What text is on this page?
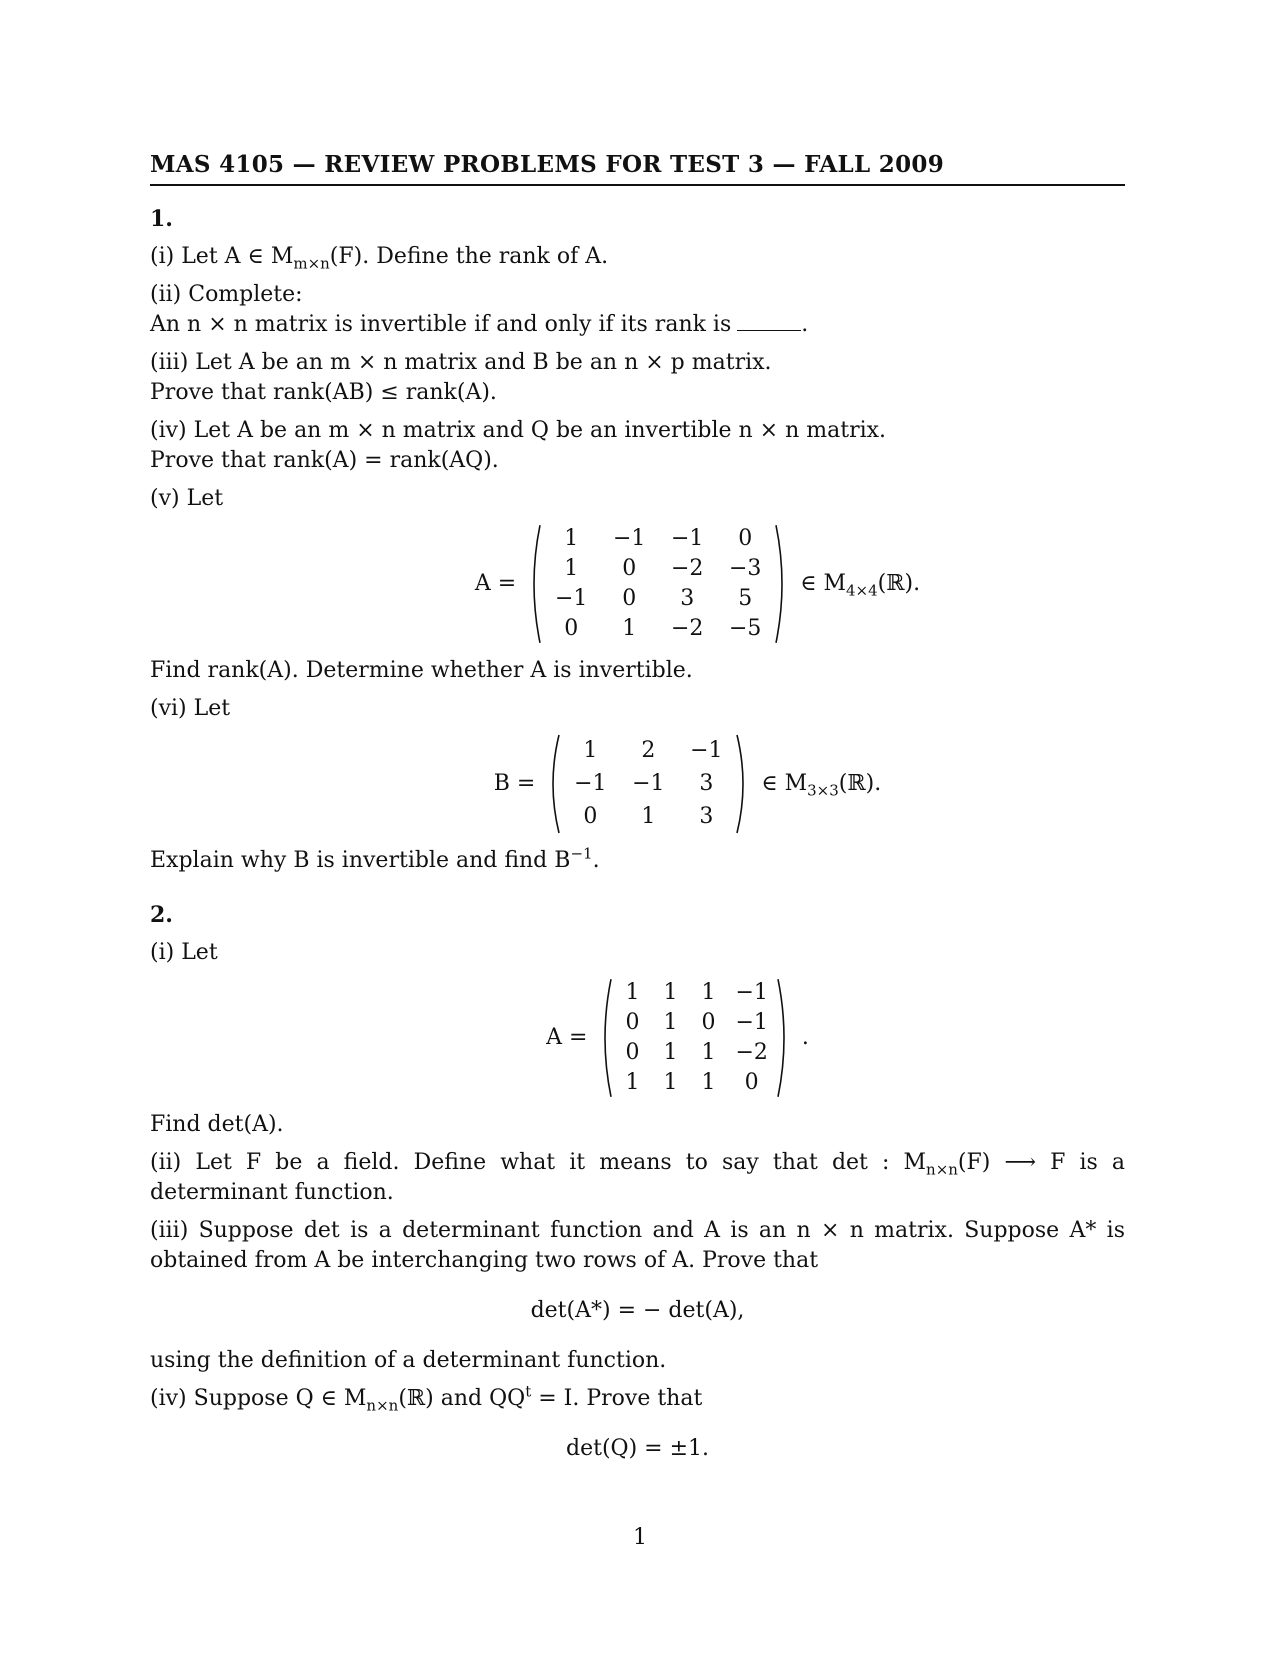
MAS 4105 — REVIEW PROBLEMS FOR TEST 3 — FALL 2009
1.
(i) Let A ∈ $M_{m\times n}(F)$. Define the rank of A.
(ii) Complete:
An n × n matrix is invertible if and only if its rank is	.
(iii) Let A be an m × n matrix and B be an n × p matrix.
Prove that rank(AB) ≤ rank(A).
(iv) Let A be an m × n matrix and Q be an invertible n × n matrix.
Prove that rank(A) = rank(AQ).
(v) Let
A =
1	−1	−1	0
1	0	−2	−3
−1	0	3	5
0	1	−2	−5
∈ $M_{4\times 4}(ℝ)$.
Find rank(A). Determine whether A is invertible.
(vi) Let
B =
1	2	−1
−1	−1	3
0	1	3
∈ $M_{3\times 3}(ℝ)$.
Explain why B is invertible and find $B^{-1}$.
2.
(i) Let
A =
1	1	1	−1
0	1	0	−1
0	1	1	−2
1	1	1	0
.
Find det(A).
(ii) Let F be a field. Define what it means to say that det : $M_{n\times n}(F)$ ⟶ F is a determinant function.
(iii) Suppose det is a determinant function and A is an n × n matrix. Suppose A* is obtained from A be interchanging two rows of A. Prove that
det(A*) = − det(A),
using the definition of a determinant function.
(iv) Suppose Q ∈ $M_{n\times n}(ℝ)$ and $QQ^t = I$. Prove that
det(Q) = ±1.
1
